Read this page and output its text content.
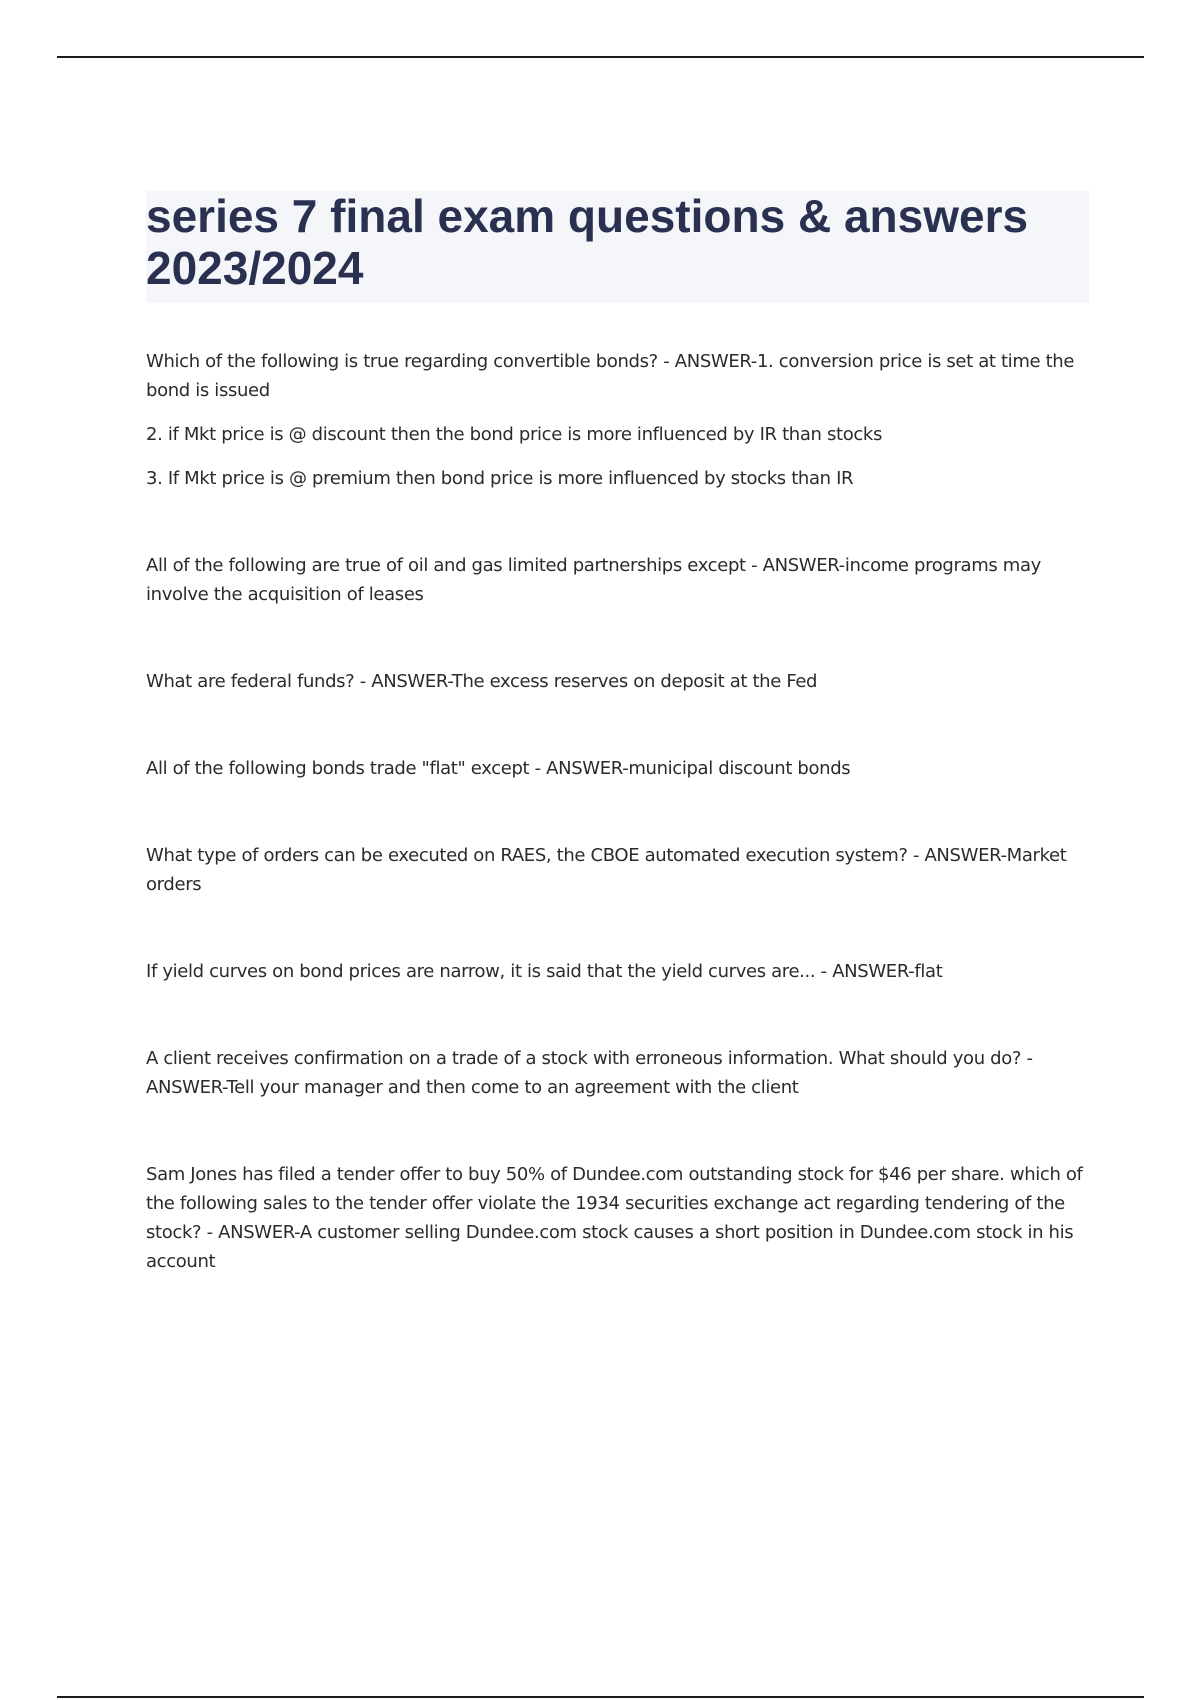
series 7 final exam questions & answers 2023/2024

Which of the following is true regarding convertible bonds? - ANSWER-1. conversion price is set at time the bond is issued

2. if Mkt price is @ discount then the bond price is more influenced by IR than stocks

3. If Mkt price is @ premium then bond price is more influenced by stocks than IR

All of the following are true of oil and gas limited partnerships except - ANSWER-income programs may involve the acquisition of leases

What are federal funds? - ANSWER-The excess reserves on deposit at the Fed

All of the following bonds trade "flat" except - ANSWER-municipal discount bonds

What type of orders can be executed on RAES, the CBOE automated execution system? - ANSWER-Market orders

If yield curves on bond prices are narrow, it is said that the yield curves are... - ANSWER-flat

A client receives confirmation on a trade of a stock with erroneous information. What should you do? - ANSWER-Tell your manager and then come to an agreement with the client

Sam Jones has filed a tender offer to buy 50% of Dundee.com outstanding stock for $46 per share. which of the following sales to the tender offer violate the 1934 securities exchange act regarding tendering of the stock? - ANSWER-A customer selling Dundee.com stock causes a short position in Dundee.com stock in his account
